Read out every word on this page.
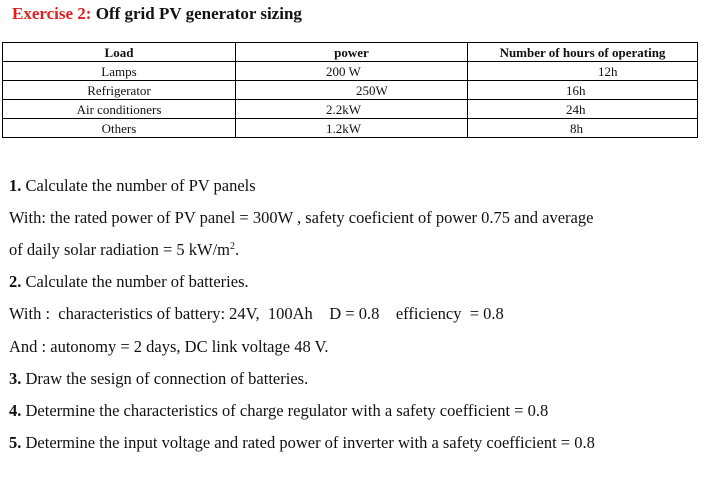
Exercise 2: Off grid PV generator sizing
Load	power	Number of hours of operating
Lamps	200 W	12h
Refrigerator	250W	16h
Air conditioners	2.2kW	24h
Others	1.2kW	8h
1. Calculate the number of PV panels
With: the rated power of PV panel = 300W , safety coeficient of power 0.75 and average
of daily solar radiation = 5 $kW/m^2$.
2. Calculate the number of batteries.
With :  characteristics of battery: 24V,  100Ah    D = 0.8    efficiency  = 0.8
And : autonomy = 2 days, DC link voltage 48 V.
3. Draw the sesign of connection of batteries.
4. Determine the characteristics of charge regulator with a safety coefficient = 0.8
5. Determine the input voltage and rated power of inverter with a safety coefficient = 0.8
